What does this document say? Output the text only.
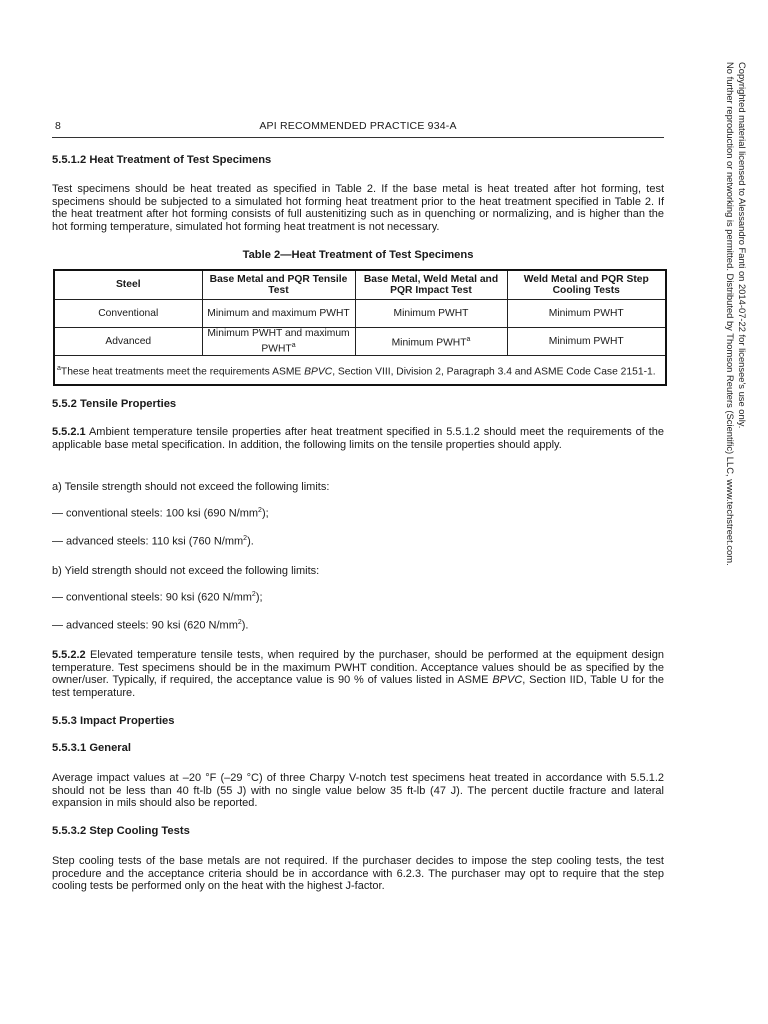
8	API RECOMMENDED PRACTICE 934-A
5.5.1.2 Heat Treatment of Test Specimens

Test specimens should be heat treated as specified in Table 2. If the base metal is heat treated after hot forming, test specimens should be subjected to a simulated hot forming heat treatment prior to the heat treatment specified in Table 2. If the heat treatment after hot forming consists of full austenitizing such as in quenching or normalizing, and is higher than the hot forming temperature, simulated hot forming heat treatment is not necessary.

Table 2—Heat Treatment of Test Specimens
Steel	Base Metal and PQR Tensile Test	Base Metal, Weld Metal and PQR Impact Test	Weld Metal and PQR Step Cooling Tests
Conventional	Minimum and maximum PWHT	Minimum PWHT	Minimum PWHT
Advanced	Minimum PWHT and maximum PWHT$^a$	Minimum PWHT$^a$	Minimum PWHT
$^a$These heat treatments meet the requirements ASME BPVC, Section VIII, Division 2, Paragraph 3.4 and ASME Code Case 2151-1.			
5.5.2 Tensile Properties

5.5.2.1 Ambient temperature tensile properties after heat treatment specified in 5.5.1.2 should meet the requirements of the applicable base metal specification. In addition, the following limits on the tensile properties should apply.

a) Tensile strength should not exceed the following limits:

— conventional steels: 100 ksi (690 $N/mm^2$);

— advanced steels: 110 ksi (760 $N/mm^2$).

b) Yield strength should not exceed the following limits:

— conventional steels: 90 ksi (620 $N/mm^2$);

— advanced steels: 90 ksi (620 $N/mm^2$).

5.5.2.2 Elevated temperature tensile tests, when required by the purchaser, should be performed at the equipment design temperature. Test specimens should be in the maximum PWHT condition. Acceptance values should be as specified by the owner/user. Typically, if required, the acceptance value is 90 % of values listed in ASME BPVC, Section IID, Table U for the test temperature.

5.5.3 Impact Properties
5.5.3.1 General

Average impact values at –20 °F (–29 °C) of three Charpy V-notch test specimens heat treated in accordance with 5.5.1.2 should not be less than 40 ft-lb (55 J) with no single value below 35 ft-lb (47 J). The percent ductile fracture and lateral expansion in mils should also be reported.

5.5.3.2 Step Cooling Tests

Step cooling tests of the base metals are not required. If the purchaser decides to impose the step cooling tests, the test procedure and the acceptance criteria should be in accordance with 6.2.3. The purchaser may opt to require that the step cooling tests be performed only on the heat with the highest J-factor.

Copyrighted material licensed to Alessandro Fanti on 2014-07-22 for licensee's use only.
No further reproduction or networking is permitted. Distributed by Thomson Reuters (Scientific) LLC, www.techstreet.com.
